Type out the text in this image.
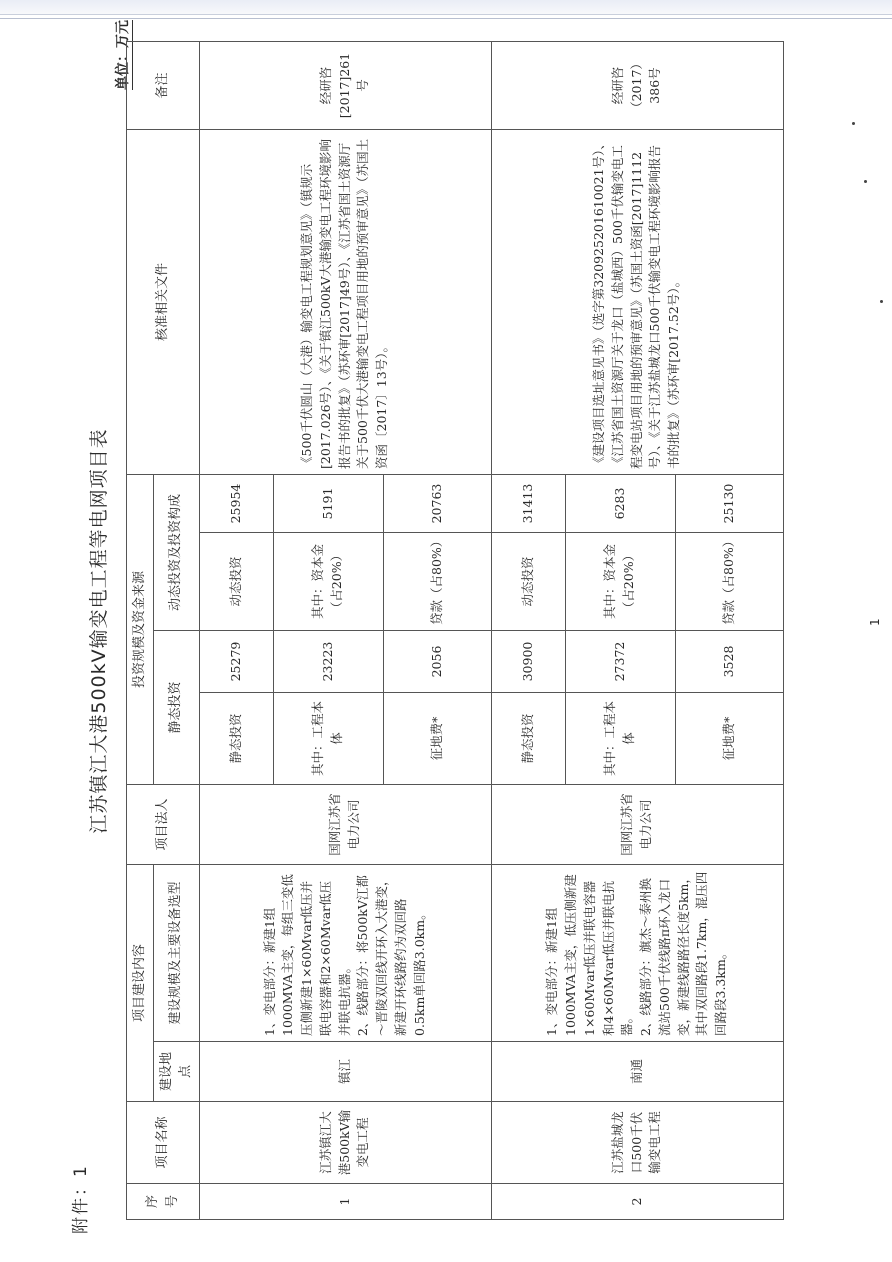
附件：1
江苏镇江大港500kV输变电工程等电网项目表
单位：万元
序号	项目名称	项目建设内容		项目法人	投资规模及资金来源				核准相关文件	备注
		建设地点	建设规模及主要设备选型		静态投资		动态投资及投资构成			

1	江苏镇江大港500kV输变电工程	镇江	1、变电部分：新建1组1000MVA主变，每组三变低压侧新建1×60Mvar低压并联电容器和2×60Mvar低压并联电抗器。
2、线路部分：将500kV江都～晋陵双回线开环入大港变，新建开环线路约为双回路0.5km单回路3.0km。	国网江苏省电力公司	静态投资	25279	动态投资	25954	《500千伏圆山（大港）输变电工程规划意见》（镇规示[2017.026号）、《关于镇江500kV大港输变电工程环境影响报告书的批复》（苏环审[2017]49号）、《江苏省国土资源厅关于500千伏大港输变电工程项目用地的预审意见》（苏国土资函〔2017〕13号）。	经研咨[2017]261号
					其中：工程本体	23223	其中：资本金（占20%）	5191		
					征地费*	2056	贷款（占80%）	20763		
2	江苏盐城龙口500千伏输变电工程	南通	1、变电部分：新建1组1000MVA主变，低压侧新建1×60Mvar低压并联电容器和4×60Mvar低压并联电抗器。
2、线路部分：旗杰～泰州换流站500千伏线路π环入龙口变，新建线路路径长度5km，其中双回路段1.7km，混压四回路段3.3km。	国网江苏省电力公司	静态投资	30900	动态投资	31413	《建设项目选址意见书》（选字第320925201610021号）、《江苏省国土资源厅关于龙口（盐城西）500千伏输变电工程变电站项目用地的预审意见》（苏国土资函[2017]1112号）、《关于江苏盐城龙口500千伏输变电工程环境影响报告书的批复》（苏环审[2017.52号）。	经研咨（2017）386号
					其中：工程本体	27372	其中：资本金（占20%）	6283		
					征地费*	3528	贷款（占80%）	25130		
1
